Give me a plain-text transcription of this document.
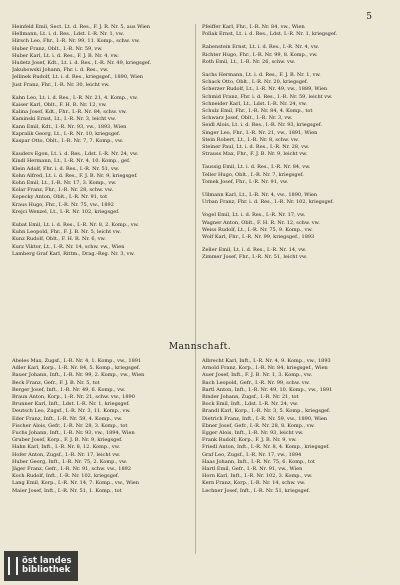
5
Heinfeld Emil, Sect. Lt. d. Res., F. J. R. Nr. 5, aus Wien
Hellmann, Lt. i. d. Res., Ldst. I.-R. Nr. 1, vw.
Hirsch Leo, Fhr., I.-R. Nr. 99, 11. Komp., schw. vw.
Huber Franz, Oblt., I.-R. Nr. 59, vw.
Huber Karl, Lt. i. d. Res., F. J. B. Nr. 4, vw.
Hudetz Josef, Kdt., Lt. i. d. Res., I.-R. Nr. 49, kriegsgef.
Jakubowski Johann, Fhr. i. d. Res., vw.
Jellinek Rudolf, Lt. i. d. Res., kriegsgef., 1890, Wien
Just Franz, Fhr., I.-R. Nr. 30, leicht vw.
Kahn Leo, Lt. i. d. Res., I.-R. Nr. 21, 4. Komp., vw.
Kaiser Karl, Oblt., F. H. R. Nr. 12, vw.
Kalina Josef, Kdt., Fhr., I.-R. Nr. 84, schw. vw.
Kaminski Ernst, Lt., I.-R. Nr. 3, leicht vw.
Kann Emil, Kdt., I.-R. Nr. 93, vw., 1893, Wien
Kapralik Georg, Lt., I.-R. Nr. 10, kriegsgef.
Kaspar Otto, Oblt., I.-R. Nr. 7, 7. Komp., vw.
Kauders Egon, Lt. i. d. Res., Ldst. I.-R. Nr. 24, vw.
Kindl Hermann, Lt., I.-R. Nr. 4, 10. Komp., gef.
Klein Adolf, Fhr. i. d. Res., I.-R. Nr. 51, vw.
Kohn Alfred, Lt. i. d. Res., F. J. B. Nr. 9, kriegsgef.
Kohn Emil, Lt., I.-R. Nr. 17, 3. Komp., vw.
Kolar Franz, Fhr., I.-R. Nr. 28, schw. vw.
Kopecky Anton, Oblt., I.-R. Nr. 91, tot
Kraus Hugo, Fhr., I.-R. Nr. 75, vw., 1892
Krejci Wenzel, Lt., I.-R. Nr. 102, kriegsgef.
Kubat Emil, Lt. i. d. Res., I.-R. Nr. 8, 2. Komp., vw.
Kuhn Leopold, Fhr., F. J. B. Nr. 5, leicht vw.
Kunz Rudolf, Oblt., F. H. R. Nr. 6, vw.
Kurz Viktor, Lt., I.-R. Nr. 14, schw. vw., Wien
Lamberg Graf Karl, Rittm., Drag.-Reg. Nr. 3, vw.
Pfeiffer Karl, Fhr., I.-R. Nr. 84, vw., Wien
Pollak Ernst, Lt. i. d. Res., Ldst. I.-R. Nr. 1, kriegsgef.
Rabenstein Ernst, Lt. i. d. Res., I.-R. Nr. 4, vw.
Richter Hugo, Fhr., I.-R. Nr. 99, 8. Komp., vw.
Roth Emil, Lt., I.-R. Nr. 26, schw. vw.
Sachs Hermann, Lt. i. d. Res., F. J. B. Nr. 1, vw.
Schack Otto, Oblt., I.-R. Nr. 20, kriegsgef.
Scherzer Rudolf, Lt., I.-R. Nr. 49, vw., 1889, Wien
Schmid Franz, Fhr. i. d. Res., I.-R. Nr. 59, leicht vw.
Schneider Karl, Lt., Ldst. I.-R. Nr. 24, vw.
Schulz Emil, Fhr., I.-R. Nr. 84, 4. Komp., tot
Schwarz Josef, Oblt., I.-R. Nr. 3, vw.
Seidl Alois, Lt. i. d. Res., I.-R. Nr. 93, kriegsgef.
Singer Leo, Fhr., I.-R. Nr. 21, vw., 1891, Wien
Stein Robert, Lt., I.-R. Nr. 8, schw. vw.
Steiner Paul, Lt. i. d. Res., I.-R. Nr. 28, vw.
Strauss Max, Fhr., F. J. B. Nr. 9, leicht vw.
Taussig Emil, Lt. i. d. Res., I.-R. Nr. 84, vw.
Teller Hugo, Oblt., I.-R. Nr. 7, kriegsgef.
Tomek Josef, Fhr., I.-R. Nr. 91, vw.
Ullmann Karl, Lt., I.-R. Nr. 4, vw., 1890, Wien
Urban Franz, Fhr. i. d. Res., I.-R. Nr. 102, kriegsgef.
Vogel Emil, Lt. i. d. Res., I.-R. Nr. 17, vw.
Wagner Anton, Oblt., F. H. R. Nr. 12, schw. vw.
Weiss Rudolf, Lt., I.-R. Nr. 75, 9. Komp., vw.
Wolf Karl, Fhr., I.-R. Nr. 99, kriegsgef., 1893
Zeller Emil, Lt. i. d. Res., I.-R. Nr. 14, vw.
Zimmer Josef, Fhr., I.-R. Nr. 51, leicht vw.
Mannschaft.
Abeles Max, Zugsf., I.-R. Nr. 4, 1. Komp., vw., 1891
Adler Karl, Korp., I.-R. Nr. 84, 5. Komp., kriegsgef.
Bauer Johann, Inft., I.-R. Nr. 99, 2. Komp., vw., Wien
Beck Franz, Gefr., F. J. B. Nr. 5, tot
Berger Josef, Inft., I.-R. Nr. 49, 6. Komp., vw.
Braun Anton, Korp., I.-R. Nr. 21, schw. vw., 1890
Brunner Karl, Inft., Ldst. I.-R. Nr. 1, kriegsgef.
Deutsch Leo, Zugsf., I.-R. Nr. 3, 11. Komp., vw.
Eder Franz, Inft., I.-R. Nr. 59, 4. Komp., vw.
Fischer Alois, Gefr., I.-R. Nr. 28, 3. Komp., tot
Fuchs Johann, Inft., I.-R. Nr. 93, vw., 1894, Wien
Gruber Josef, Korp., F. J. B. Nr. 9, kriegsgef.
Hahn Karl, Inft., I.-R. Nr. 8, 12. Komp., vw.
Hofer Anton, Zugsf., I.-R. Nr. 17, leicht vw.
Huber Georg, Inft., I.-R. Nr. 75, 2. Komp., vw.
Jäger Franz, Gefr., I.-R. Nr. 91, schw. vw., 1892
Koch Rudolf, Inft., I.-R. Nr. 102, kriegsgef.
Lang Emil, Korp., I.-R. Nr. 14, 7. Komp., vw., Wien
Maier Josef, Inft., I.-R. Nr. 51, 1. Komp., tot
Albrecht Karl, Inft., I.-R. Nr. 4, 9. Komp., vw., 1893
Arnold Franz, Korp., I.-R. Nr. 84, kriegsgef., Wien
Auer Josef, Inft., F. J. B. Nr. 1, 3. Komp., vw.
Bach Leopold, Gefr., I.-R. Nr. 99, schw. vw.
Bartl Anton, Inft., I.-R. Nr. 49, 10. Komp., vw., 1891
Binder Johann, Zugsf., I.-R. Nr. 21, tot
Bock Emil, Inft., Ldst. I.-R. Nr. 24, vw.
Brandl Karl, Korp., I.-R. Nr. 3, 5. Komp., kriegsgef.
Dietrich Franz, Inft., I.-R. Nr. 59, vw., 1890, Wien
Ebner Josef, Gefr., I.-R. Nr. 28, 8. Komp., vw.
Egger Alois, Inft., I.-R. Nr. 93, leicht vw.
Frank Rudolf, Korp., F. J. B. Nr. 9, vw.
Friedl Anton, Inft., I.-R. Nr. 8, 4. Komp., kriegsgef.
Graf Leo, Zugsf., I.-R. Nr. 17, vw., 1894
Haas Johann, Inft., I.-R. Nr. 75, 6. Komp., tot
Hartl Emil, Gefr., I.-R. Nr. 91, vw., Wien
Horn Karl, Inft., I.-R. Nr. 102, 3. Komp., vw.
Kern Franz, Korp., I.-R. Nr. 14, schw. vw.
Lechner Josef, Inft., I.-R. Nr. 51, kriegsgef.
öst landes
bibliothek
intranda viewer
